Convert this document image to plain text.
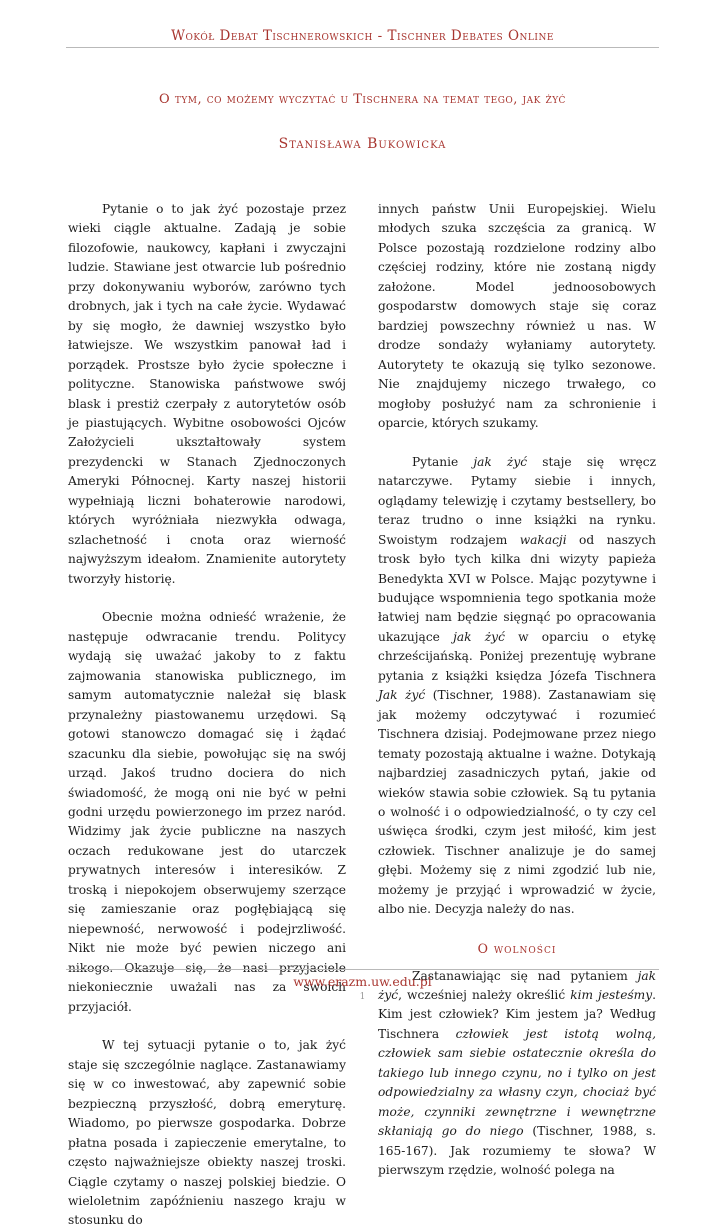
Wokół Debat Tischnerowskich - Tischner Debates Online
O tym, co możemy wyczytać u Tischnera na temat tego, jak żyć
Stanisława Bukowicka

Pytanie o to jak żyć pozostaje przez wieki ciągle aktualne. Zadają je sobie filozofowie, naukowcy, kapłani i zwyczajni ludzie. Stawiane jest otwarcie lub pośrednio przy dokonywaniu wyborów, zarówno tych drobnych, jak i tych na całe życie. Wydawać by się mogło, że dawniej wszystko było łatwiejsze. We wszystkim panował ład i porządek. Prostsze było życie społeczne i polityczne. Stanowiska państwowe swój blask i prestiż czerpały z autorytetów osób je piastujących. Wybitne osobowości Ojców Założycieli ukształtowały system prezydencki w Stanach Zjednoczonych Ameryki Północnej. Karty naszej historii wypełniają liczni bohaterowie narodowi, których wyróżniała niezwykła odwaga, szlachetność i cnota oraz wierność najwyższym ideałom. Znamienite autorytety tworzyły historię.

Obecnie można odnieść wrażenie, że następuje odwracanie trendu. Politycy wydają się uważać jakoby to z faktu zajmowania stanowiska publicznego, im samym automatycznie należał się blask przynależny piastowanemu urzędowi. Są gotowi stanowczo domagać się i żądać szacunku dla siebie, powołując się na swój urząd. Jakoś trudno dociera do nich świadomość, że mogą oni nie być w pełni godni urzędu powierzonego im przez naród. Widzimy jak życie publiczne na naszych oczach redukowane jest do utarczek prywatnych interesów i interesików. Z troską i niepokojem obserwujemy szerzące się zamieszanie oraz pogłębiającą się niepewność, nerwowość i podejrzliwość. Nikt nie może być pewien niczego ani nikogo. Okazuje się, że nasi przyjaciele niekoniecznie uważali nas za swoich przyjaciół.

W tej sytuacji pytanie o to, jak żyć staje się szczególnie naglące. Zastanawiamy się w co inwestować, aby zapewnić sobie bezpieczną przyszłość, dobrą emeryturę. Wiadomo, po pierwsze gospodarka. Dobrze płatna posada i zapieczenie emerytalne, to często najważniejsze obiekty naszej troski. Ciągle czytamy o naszej polskiej biedzie. O wieloletnim zapóźnieniu naszego kraju w stosunku do

innych państw Unii Europejskiej. Wielu młodych szuka szczęścia za granicą. W Polsce pozostają rozdzielone rodziny albo częściej rodziny, które nie zostaną nigdy założone. Model jednoosobowych gospodarstw domowych staje się coraz bardziej powszechny również u nas. W drodze sondaży wyłaniamy autorytety. Autorytety te okazują się tylko sezonowe. Nie znajdujemy niczego trwałego, co mogłoby posłużyć nam za schronienie i oparcie, których szukamy.

Pytanie jak żyć staje się wręcz natarczywe. Pytamy siebie i innych, oglądamy telewizję i czytamy bestsellery, bo teraz trudno o inne książki na rynku. Swoistym rodzajem wakacji od naszych trosk było tych kilka dni wizyty papieża Benedykta XVI w Polsce. Mając pozytywne i budujące wspomnienia tego spotkania może łatwiej nam będzie sięgnąć po opracowania ukazujące jak żyć w oparciu o etykę chrześcijańską. Poniżej prezentuję wybrane pytania z książki księdza Józefa Tischnera Jak żyć (Tischner, 1988). Zastanawiam się jak możemy odczytywać i rozumieć Tischnera dzisiaj. Podejmowane przez niego tematy pozostają aktualne i ważne. Dotykają najbardziej zasadniczych pytań, jakie od wieków stawia sobie człowiek. Są tu pytania o wolność i o odpowiedzialność, o ty czy cel uświęca środki, czym jest miłość, kim jest człowiek. Tischner analizuje je do samej głębi. Możemy się z nimi zgodzić lub nie, możemy je przyjąć i wprowadzić w życie, albo nie. Decyzja należy do nas.

O wolności

Zastanawiając się nad pytaniem jak żyć, wcześniej należy określić kim jesteśmy. Kim jest człowiek? Kim jestem ja? Według Tischnera człowiek jest istotą wolną, człowiek sam siebie ostatecznie określa do takiego lub innego czynu, no i tylko on jest odpowiedzialny za własny czyn, chociaż być może, czynniki zewnętrzne i wewnętrzne skłaniają go do niego (Tischner, 1988, s. 165-167). Jak rozumiemy te słowa? W pierwszym rzędzie, wolność polega na

www.erazm.uw.edu.pl
1
